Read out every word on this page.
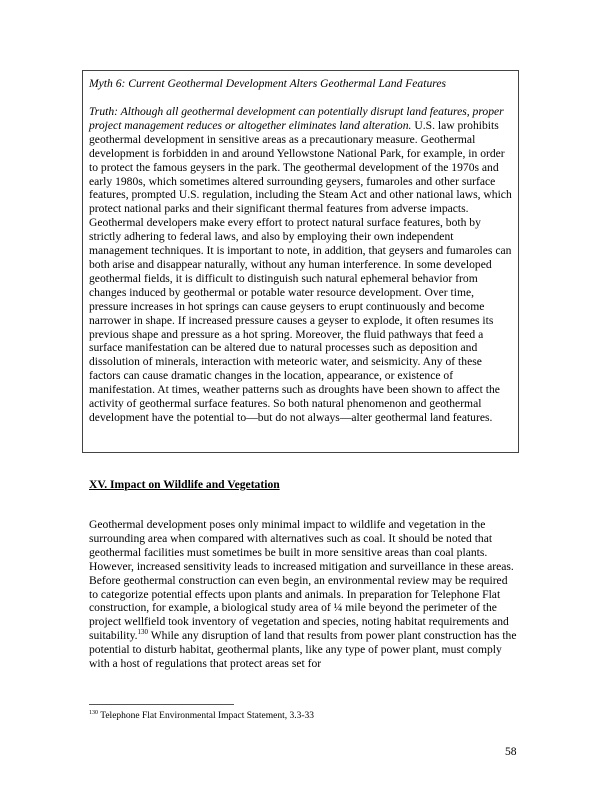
Myth 6: Current Geothermal Development Alters Geothermal Land Features

Truth: Although all geothermal development can potentially disrupt land features, proper project management reduces or altogether eliminates land alteration. U.S. law prohibits geothermal development in sensitive areas as a precautionary measure. Geothermal development is forbidden in and around Yellowstone National Park, for example, in order to protect the famous geysers in the park. The geothermal development of the 1970s and early 1980s, which sometimes altered surrounding geysers, fumaroles and other surface features, prompted U.S. regulation, including the Steam Act and other national laws, which protect national parks and their significant thermal features from adverse impacts. Geothermal developers make every effort to protect natural surface features, both by strictly adhering to federal laws, and also by employing their own independent management techniques. It is important to note, in addition, that geysers and fumaroles can both arise and disappear naturally, without any human interference. In some developed geothermal fields, it is difficult to distinguish such natural ephemeral behavior from changes induced by geothermal or potable water resource development. Over time, pressure increases in hot springs can cause geysers to erupt continuously and become narrower in shape. If increased pressure causes a geyser to explode, it often resumes its previous shape and pressure as a hot spring. Moreover, the fluid pathways that feed a surface manifestation can be altered due to natural processes such as deposition and dissolution of minerals, interaction with meteoric water, and seismicity. Any of these factors can cause dramatic changes in the location, appearance, or existence of manifestation. At times, weather patterns such as droughts have been shown to affect the activity of geothermal surface features. So both natural phenomenon and geothermal development have the potential to—but do not always—alter geothermal land features.

XV. Impact on Wildlife and Vegetation

Geothermal development poses only minimal impact to wildlife and vegetation in the surrounding area when compared with alternatives such as coal. It should be noted that geothermal facilities must sometimes be built in more sensitive areas than coal plants. However, increased sensitivity leads to increased mitigation and surveillance in these areas. Before geothermal construction can even begin, an environmental review may be required to categorize potential effects upon plants and animals. In preparation for Telephone Flat construction, for example, a biological study area of ¼ mile beyond the perimeter of the project wellfield took inventory of vegetation and species, noting habitat requirements and suitability.$^{130}$ While any disruption of land that results from power plant construction has the potential to disturb habitat, geothermal plants, like any type of power plant, must comply with a host of regulations that protect areas set for

$^{130}$ Telephone Flat Environmental Impact Statement, 3.3-33

58
